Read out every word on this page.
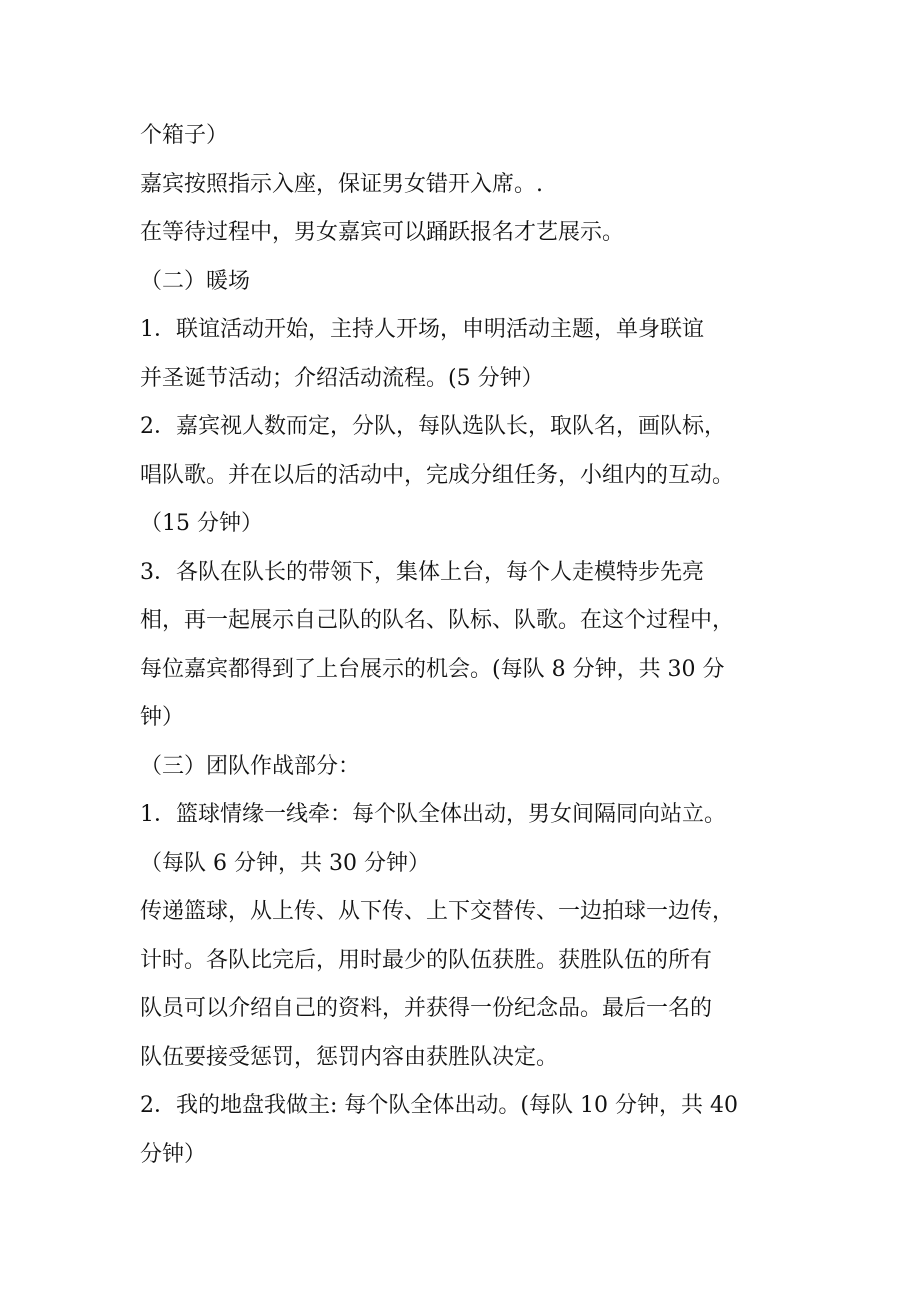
个箱子）
嘉宾按照指示入座，保证男女错开入席。.
在等待过程中，男女嘉宾可以踊跃报名才艺展示。
（二）暖场
1．联谊活动开始，主持人开场，申明活动主题，单身联谊
并圣诞节活动；介绍活动流程。(5 分钟）
2．嘉宾视人数而定，分队，每队选队长，取队名，画队标，
唱队歌。并在以后的活动中，完成分组任务，小组内的互动。
（15 分钟）
3．各队在队长的带领下，集体上台，每个人走模特步先亮
相，再一起展示自己队的队名、队标、队歌。在这个过程中，
每位嘉宾都得到了上台展示的机会。(每队 8 分钟，共 30 分
钟）
（三）团队作战部分：
1．篮球情缘一线牵：每个队全体出动，男女间隔同向站立。
（每队 6 分钟，共 30 分钟）
传递篮球，从上传、从下传、上下交替传、一边拍球一边传，
计时。各队比完后，用时最少的队伍获胜。获胜队伍的所有
队员可以介绍自己的资料，并获得一份纪念品。最后一名的
队伍要接受惩罚，惩罚内容由获胜队决定。
2．我的地盘我做主: 每个队全体出动。(每队 10 分钟，共 40
分钟）
